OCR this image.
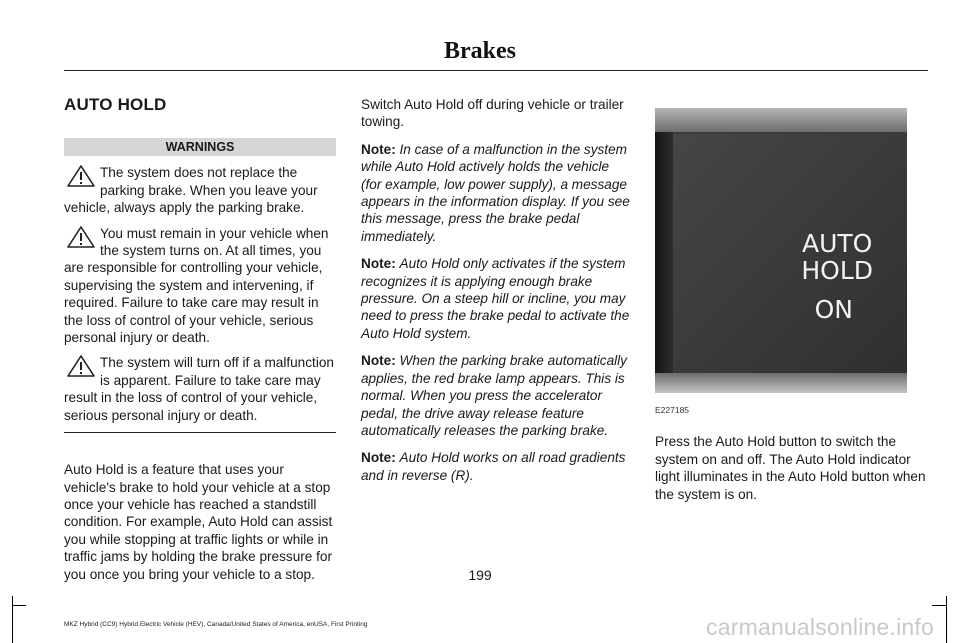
Brakes
AUTO HOLD
WARNINGS
The system does not replace the parking brake. When you leave your vehicle, always apply the parking brake.
You must remain in your vehicle when the system turns on. At all times, you are responsible for controlling your vehicle, supervising the system and intervening, if required. Failure to take care may result in the loss of control of your vehicle, serious personal injury or death.
The system will turn off if a malfunction is apparent. Failure to take care may result in the loss of control of your vehicle, serious personal injury or death.

Auto Hold is a feature that uses your vehicle's brake to hold your vehicle at a stop once your vehicle has reached a standstill condition. For example, Auto Hold can assist you while stopping at traffic lights or while in traffic jams by holding the brake pressure for you once you bring your vehicle to a stop.

Switch Auto Hold off during vehicle or trailer towing.

Note: In case of a malfunction in the system while Auto Hold actively holds the vehicle (for example, low power supply), a message appears in the information display. If you see this message, press the brake pedal immediately.

Note: Auto Hold only activates if the system recognizes it is applying enough brake pressure. On a steep hill or incline, you may need to press the brake pedal to activate the Auto Hold system.

Note: When the parking brake automatically applies, the red brake lamp appears. This is normal. When you press the accelerator pedal, the drive away release feature automatically releases the parking brake.

Note: Auto Hold works on all road gradients and in reverse (R).

AUTO
HOLD
ON
E227185

Press the Auto Hold button to switch the system on and off. The Auto Hold indicator light illuminates in the Auto Hold button when the system is on.

199
MKZ Hybrid (CC9) Hybrid Electric Vehicle (HEV), Canada/United States of America, enUSA, First Printing	carmanualsonline.info
